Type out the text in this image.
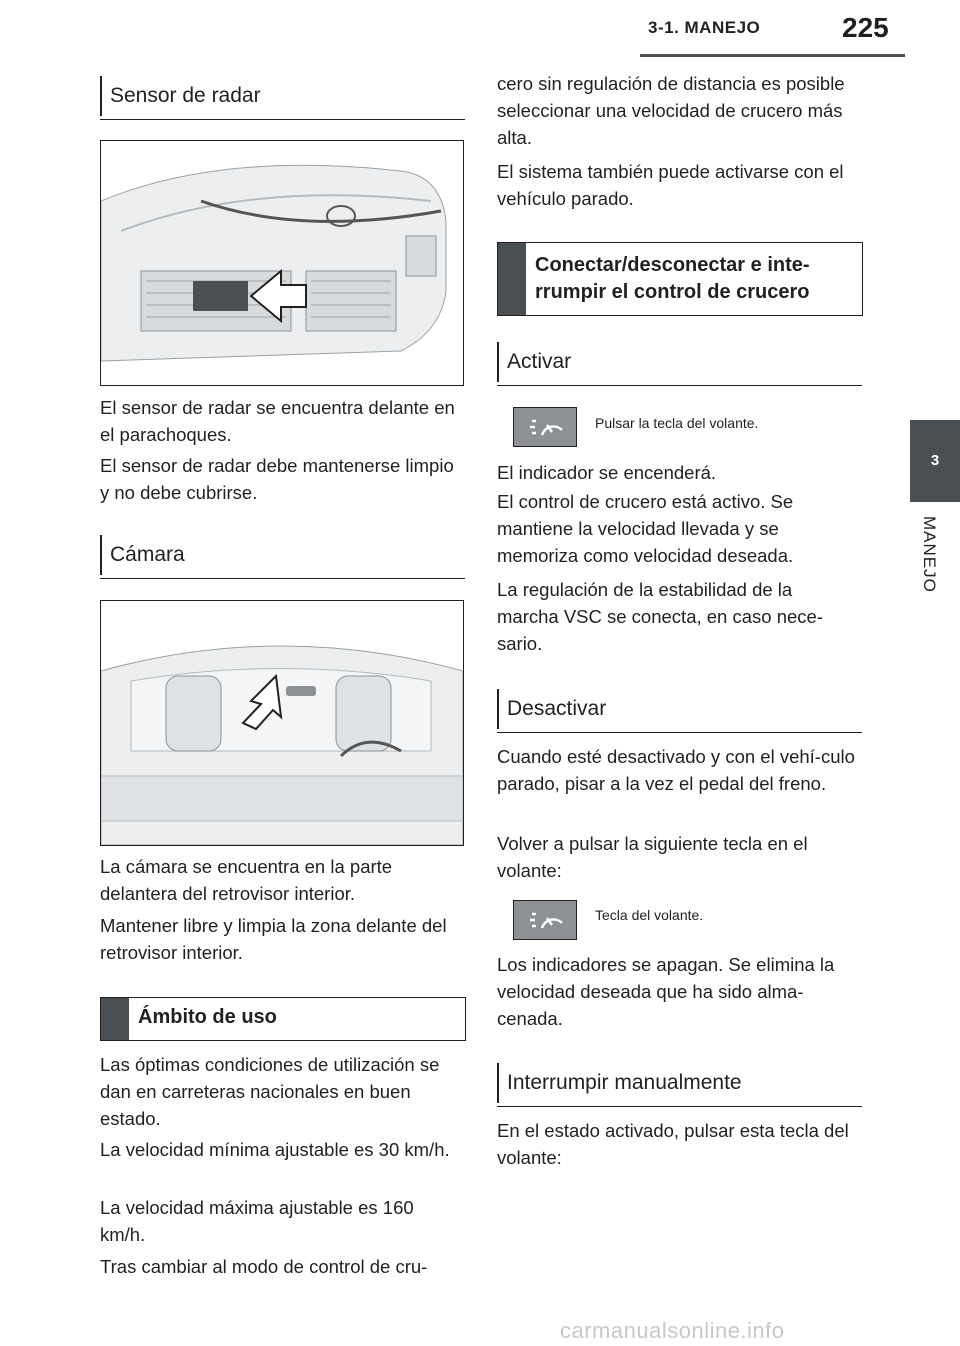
3-1. MANEJO	225
3
MANEJO
Sensor de radar
El sensor de radar se encuentra delante en el parachoques.
El sensor de radar debe mantenerse limpio y no debe cubrirse.
Cámara
La cámara se encuentra en la parte delantera del retrovisor interior.
Mantener libre y limpia la zona delante del retrovisor interior.
Ámbito de uso
Las óptimas condiciones de utilización se dan en carreteras nacionales en buen estado.
La velocidad mínima ajustable es 30 km/h.
La velocidad máxima ajustable es 160 km/h.
Tras cambiar al modo de control de cru-
cero sin regulación de distancia es posible seleccionar una velocidad de crucero más alta.
El sistema también puede activarse con el vehículo parado.
Conectar/desconectar e inte-rrumpir el control de crucero
Activar
Pulsar la tecla del volante.
El indicador se encenderá.
El control de crucero está activo. Se mantiene la velocidad llevada y se memoriza como velocidad deseada.
La regulación de la estabilidad de la marcha VSC se conecta, en caso nece-sario.
Desactivar
Cuando esté desactivado y con el vehí-culo parado, pisar a la vez el pedal del freno.
Volver a pulsar la siguiente tecla en el volante:
Tecla del volante.
Los indicadores se apagan. Se elimina la velocidad deseada que ha sido alma-cenada.
Interrumpir manualmente
En el estado activado, pulsar esta tecla del volante:
carmanualsonline.info
